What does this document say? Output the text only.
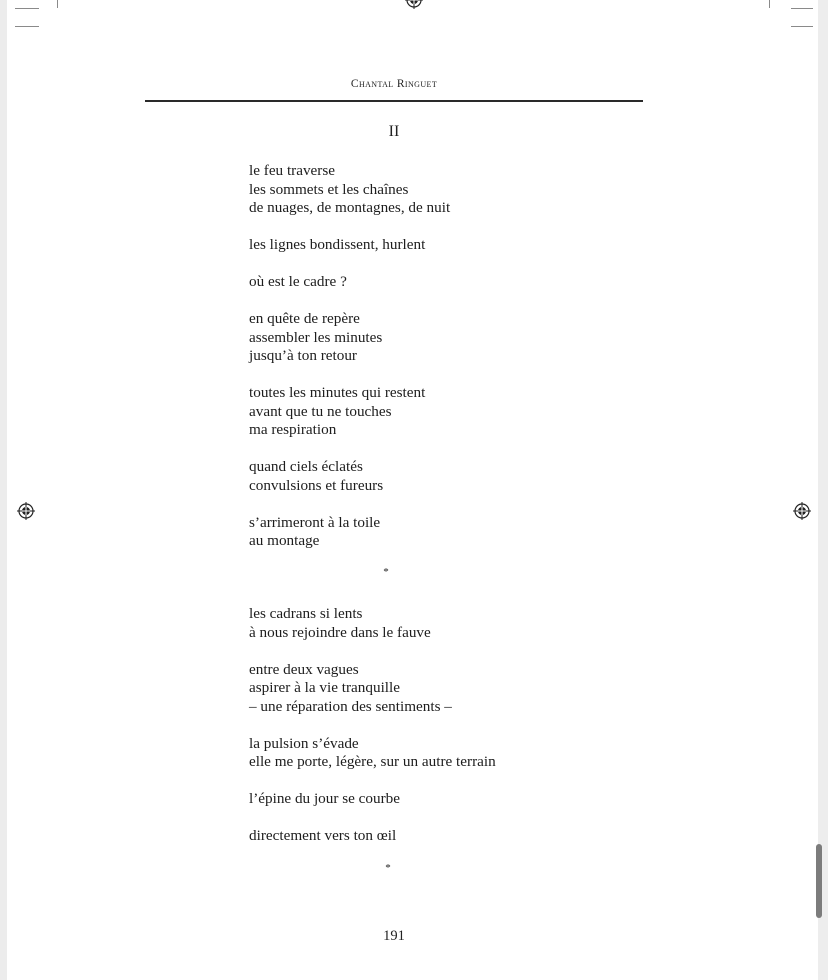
Chantal Ringuet
II
le feu traverse
les sommets et les chaînes
de nuages, de montagnes, de nuit
les lignes bondissent, hurlent
où est le cadre ?
en quête de repère
assembler les minutes
jusqu’à ton retour
toutes les minutes qui restent
avant que tu ne touches
ma respiration
quand ciels éclatés
convulsions et fureurs
s’arrimeront à la toile
au montage
*
les cadrans si lents
à nous rejoindre dans le fauve
entre deux vagues
aspirer à la vie tranquille
– une réparation des sentiments –
la pulsion s’évade
elle me porte, légère, sur un autre terrain
l’épine du jour se courbe
directement vers ton œil
*
191
